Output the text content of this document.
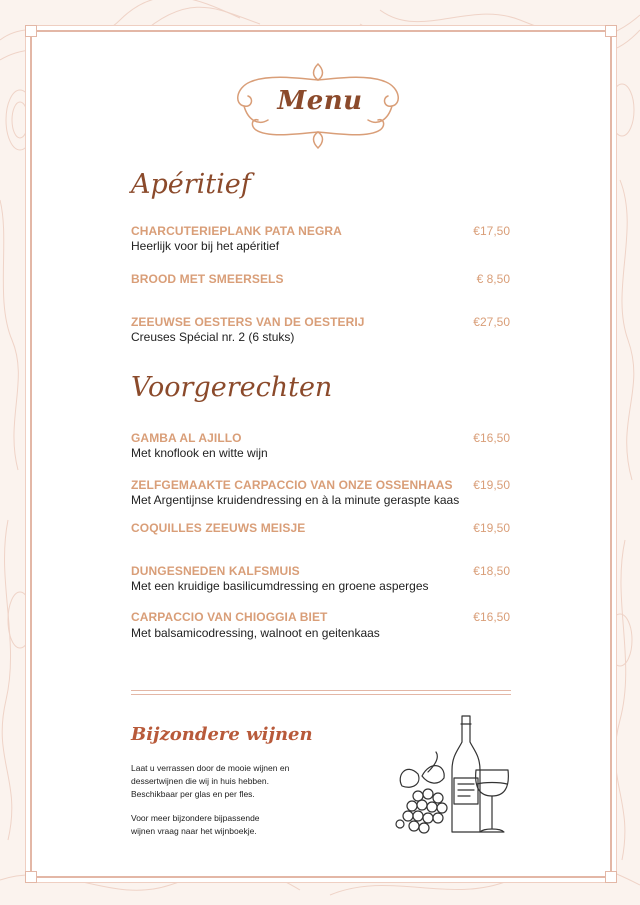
Menu
Apéritief
CHARCUTERIEPLANK PATA NEGRA	€17,50
Heerlijk voor bij het apéritief
BROOD MET SMEERSELS	€ 8,50
ZEEUWSE OESTERS VAN DE OESTERIJ	€27,50
Creuses Spécial nr. 2 (6 stuks)
Voorgerechten
GAMBA AL AJILLO	€16,50
Met knoflook en witte wijn
ZELFGEMAAKTE CARPACCIO VAN ONZE OSSENHAAS €19,50
Met Argentijnse kruidendressing en à la minute geraspte kaas
COQUILLES ZEEUWS MEISJE	€19,50
DUNGESNEDEN KALFSMUIS	€18,50
Met een kruidige basilicumdressing en groene asperges
CARPACCIO VAN CHIOGGIA BIET	€16,50
Met balsamicodressing, walnoot en geitenkaas
Bijzondere wijnen
Laat u verrassen door de mooie wijnen en
dessertwijnen die wij in huis hebben.
Beschikbaar per glas en per fles.
Voor meer bijzondere bijpassende
wijnen vraag naar het wijnboekje.
